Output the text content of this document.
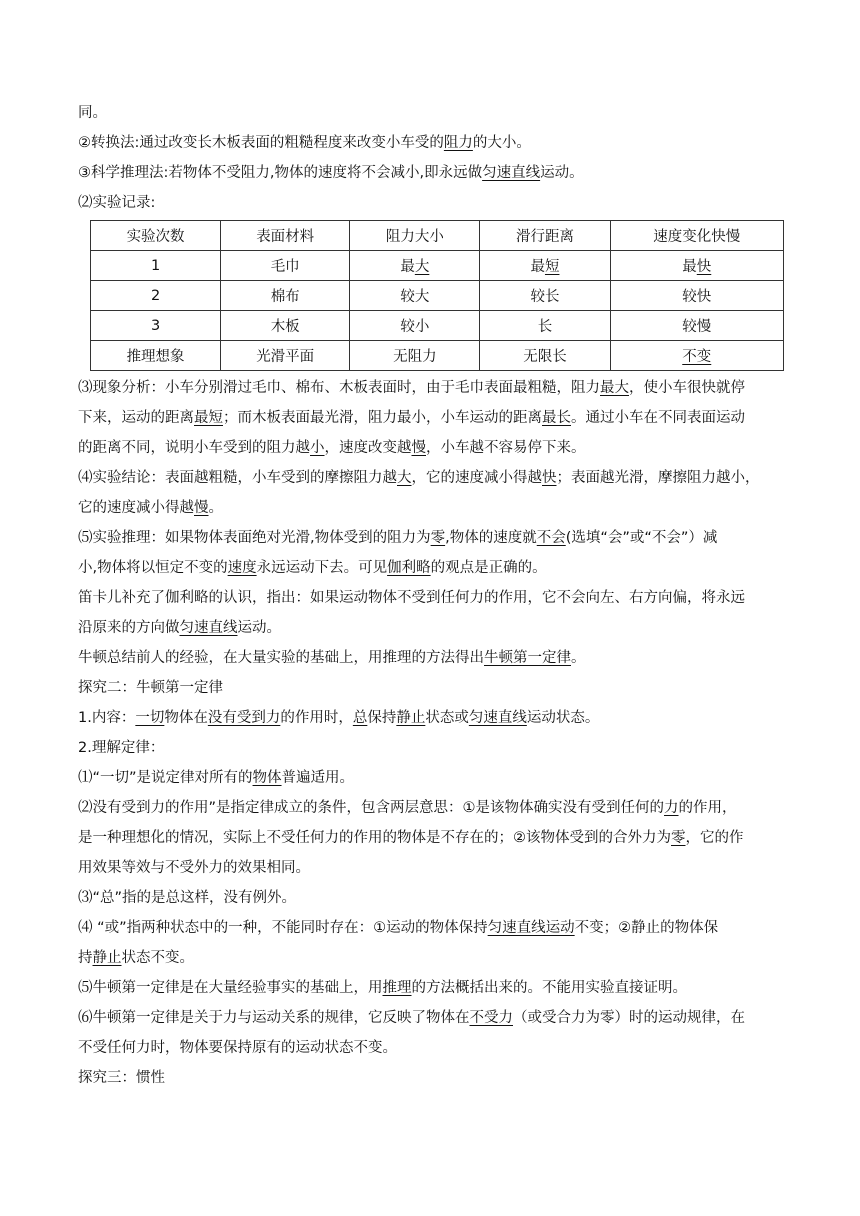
同。
②转换法:通过改变长木板表面的粗糙程度来改变小车受的阻力的大小。
③科学推理法:若物体不受阻力,物体的速度将不会减小,即永远做匀速直线运动。
⑵实验记录:
实验次数	表面材料	阻力大小	滑行距离	速度变化快慢
1	毛巾	最大	最短	最快
2	棉布	较大	较长	较快
3	木板	较小	长	较慢
推理想象	光滑平面	无阻力	无限长	不变
⑶现象分析：小车分别滑过毛巾、棉布、木板表面时，由于毛巾表面最粗糙，阻力最大，使小车很快就停
下来，运动的距离最短；而木板表面最光滑，阻力最小，小车运动的距离最长。通过小车在不同表面运动
的距离不同，说明小车受到的阻力越小，速度改变越慢，小车越不容易停下来。
⑷实验结论：表面越粗糙，小车受到的摩擦阻力越大，它的速度减小得越快；表面越光滑，摩擦阻力越小，
它的速度减小得越慢。
⑸实验推理：如果物体表面绝对光滑,物体受到的阻力为零,物体的速度就不会(选填“会”或“不会”）减
小,物体将以恒定不变的速度永远运动下去。可见伽利略的观点是正确的。
笛卡儿补充了伽利略的认识，指出：如果运动物体不受到任何力的作用，它不会向左、右方向偏，将永远
沿原来的方向做匀速直线运动。
牛顿总结前人的经验，在大量实验的基础上，用推理的方法得出牛顿第一定律。
探究二：牛顿第一定律
1.内容：一切物体在没有受到力的作用时，总保持静止状态或匀速直线运动状态。
2.理解定律：
⑴“一切”是说定律对所有的物体普遍适用。
⑵没有受到力的作用”是指定律成立的条件，包含两层意思：①是该物体确实没有受到任何的力的作用，
是一种理想化的情况，实际上不受任何力的作用的物体是不存在的；②该物体受到的合外力为零，它的作
用效果等效与不受外力的效果相同。
⑶“总”指的是总这样，没有例外。
⑷ “或”指两种状态中的一种，不能同时存在：①运动的物体保持匀速直线运动不变；②静止的物体保
持静止状态不变。
⑸牛顿第一定律是在大量经验事实的基础上，用推理的方法概括出来的。不能用实验直接证明。
⑹牛顿第一定律是关于力与运动关系的规律，它反映了物体在不受力（或受合力为零）时的运动规律，在
不受任何力时，物体要保持原有的运动状态不变。
探究三：惯性
